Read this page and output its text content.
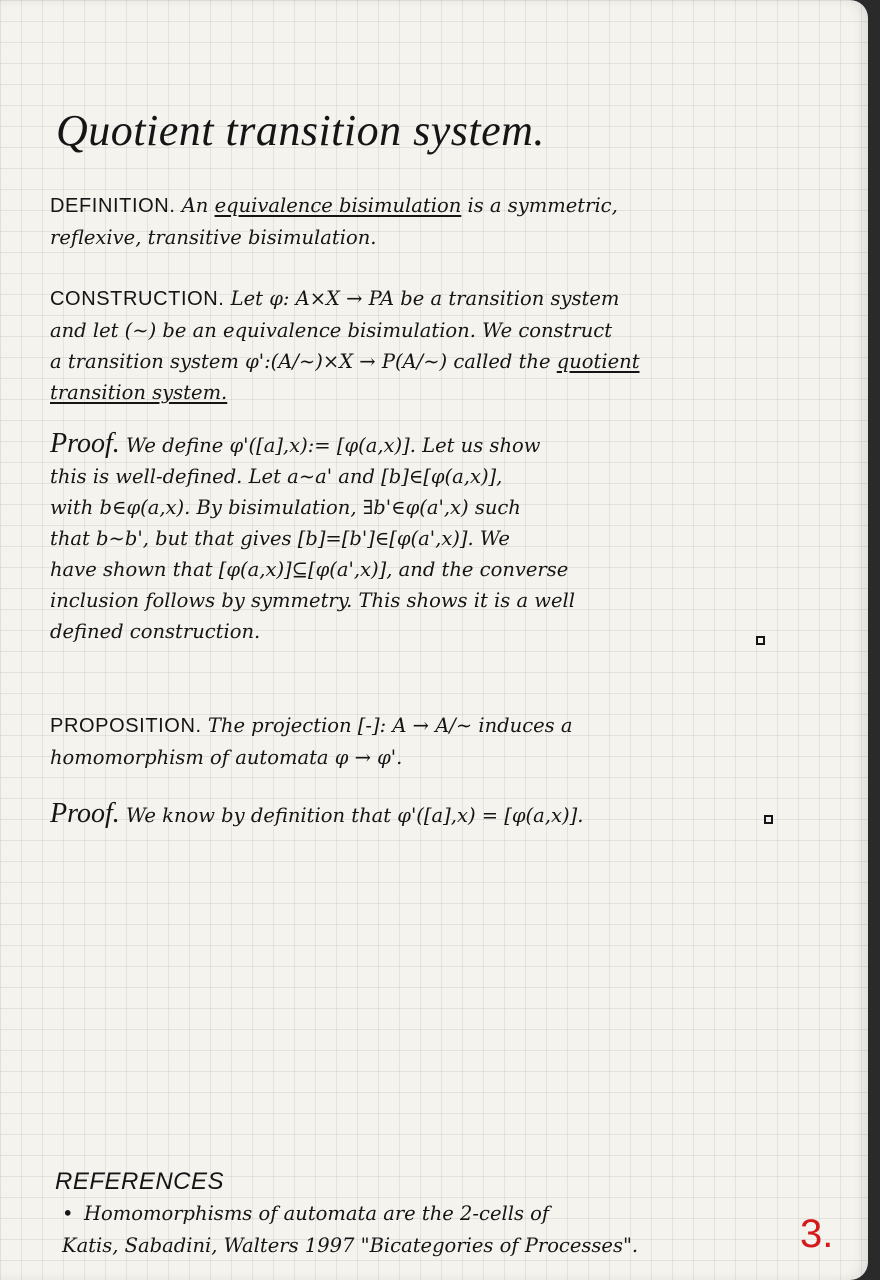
Quotient transition system.

DEFINITION. An equivalence bisimulation is a symmetric,

reflexive, transitive bisimulation.

CONSTRUCTION. Let φ: A×X → PA be a transition system

and let (∼) be an equivalence bisimulation. We construct

a transition system φ':(A/∼)×X → P(A/∼) called the quotient

transition system.

Proof. We define φ'([a],x):= [φ(a,x)]. Let us show

this is well-defined. Let a∼a' and [b]∈[φ(a,x)],

with b∈φ(a,x). By bisimulation, ∃b'∈φ(a',x) such

that b∼b', but that gives [b]=[b']∈[φ(a',x)]. We

have shown that [φ(a,x)]⊆[φ(a',x)], and the converse

inclusion follows by symmetry. This shows it is a well

defined construction.

PROPOSITION. The projection [-]: A → A/∼ induces a

homomorphism of automata φ → φ'.

Proof. We know by definition that φ'([a],x) = [φ(a,x)].

REFERENCES
• Homomorphisms of automata are the 2-cells of
Katis, Sabadini, Walters 1997 "Bicategories of Processes".	3.
